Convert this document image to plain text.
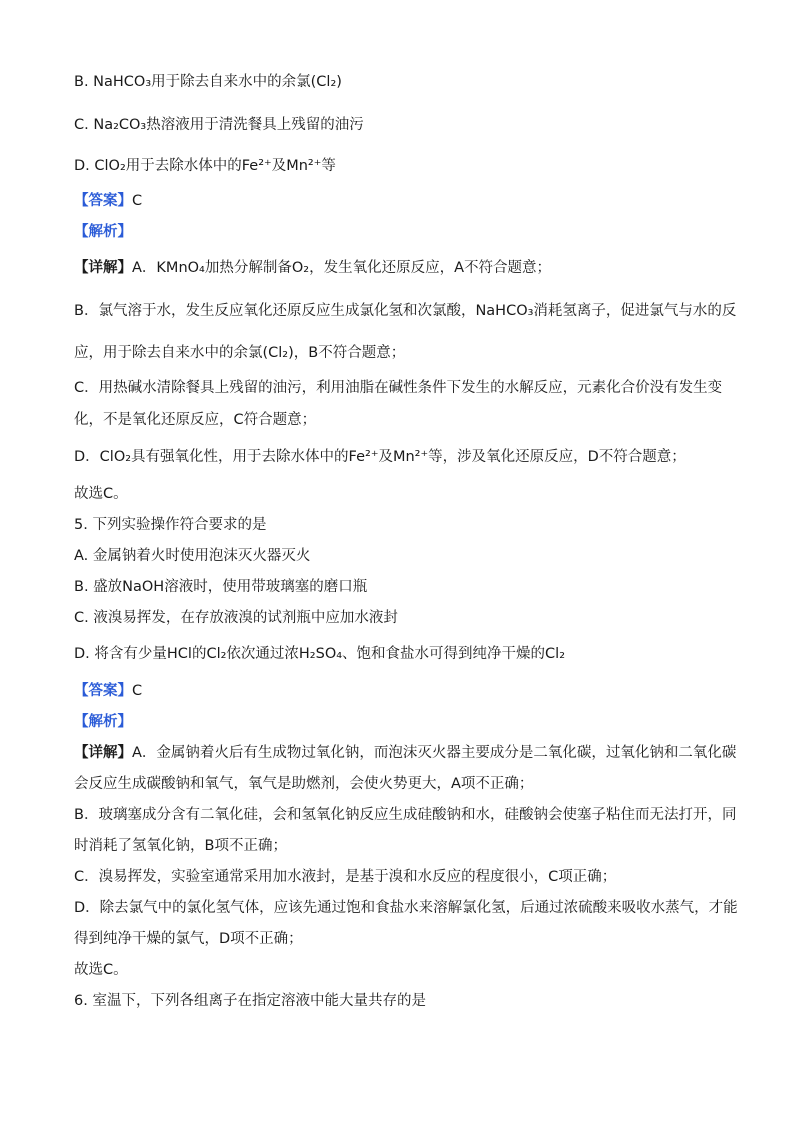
B. NaHCO₃用于除去自来水中的余氯(Cl₂)
C. Na₂CO₃热溶液用于清洗餐具上残留的油污
D. ClO₂用于去除水体中的Fe²⁺及Mn²⁺等
【答案】C
【解析】
【详解】A．KMnO₄加热分解制备O₂，发生氧化还原反应，A不符合题意；
B．氯气溶于水，发生反应氧化还原反应生成氯化氢和次氯酸，NaHCO₃消耗氢离子，促进氯气与水的反
应，用于除去自来水中的余氯(Cl₂)，B不符合题意；
C．用热碱水清除餐具上残留的油污，利用油脂在碱性条件下发生的水解反应，元素化合价没有发生变
化，不是氧化还原反应，C符合题意；
D．ClO₂具有强氧化性，用于去除水体中的Fe²⁺及Mn²⁺等，涉及氧化还原反应，D不符合题意；
故选C。
5. 下列实验操作符合要求的是
A. 金属钠着火时使用泡沫灭火器灭火
B. 盛放NaOH溶液时，使用带玻璃塞的磨口瓶
C. 液溴易挥发，在存放液溴的试剂瓶中应加水液封
D. 将含有少量HCl的Cl₂依次通过浓H₂SO₄、饱和食盐水可得到纯净干燥的Cl₂
【答案】C
【解析】
【详解】A．金属钠着火后有生成物过氧化钠，而泡沫灭火器主要成分是二氧化碳，过氧化钠和二氧化碳
会反应生成碳酸钠和氧气，氧气是助燃剂，会使火势更大，A项不正确；
B．玻璃塞成分含有二氧化硅，会和氢氧化钠反应生成硅酸钠和水，硅酸钠会使塞子粘住而无法打开，同
时消耗了氢氧化钠，B项不正确；
C．溴易挥发，实验室通常采用加水液封，是基于溴和水反应的程度很小，C项正确；
D．除去氯气中的氯化氢气体，应该先通过饱和食盐水来溶解氯化氢，后通过浓硫酸来吸收水蒸气，才能
得到纯净干燥的氯气，D项不正确；
故选C。
6. 室温下，下列各组离子在指定溶液中能大量共存的是
